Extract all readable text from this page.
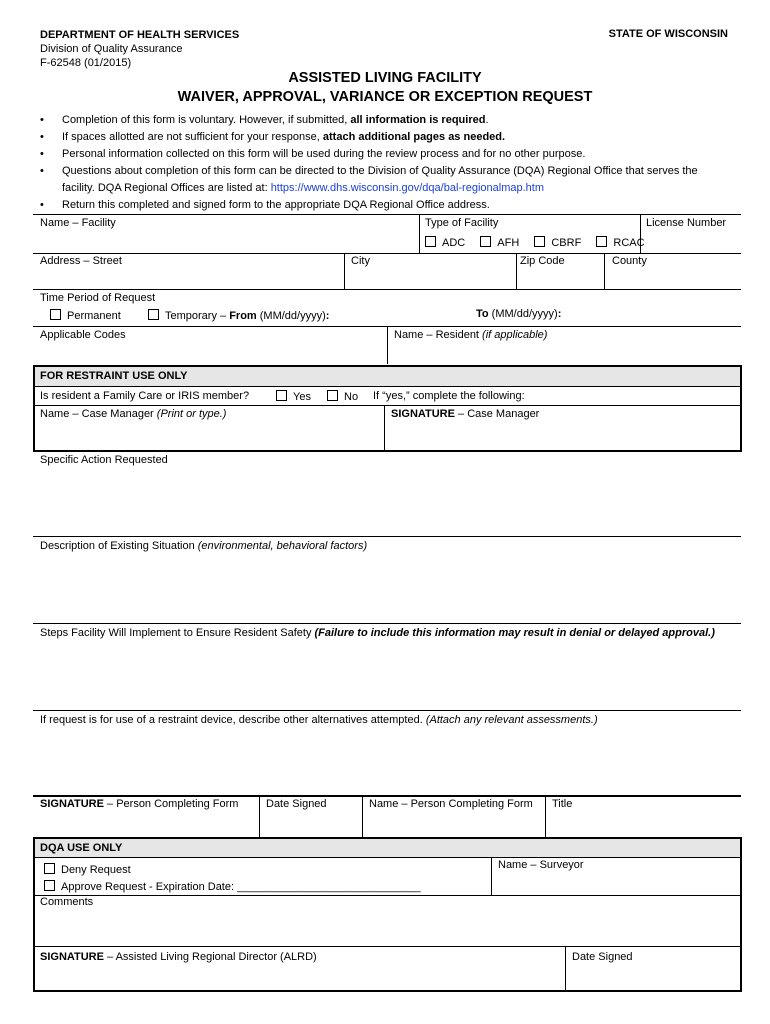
DEPARTMENT OF HEALTH SERVICES
Division of Quality Assurance
F-62548 (01/2015)
STATE OF WISCONSIN
ASSISTED LIVING FACILITY
WAIVER, APPROVAL, VARIANCE OR EXCEPTION REQUEST
• Completion of this form is voluntary. However, if submitted, all information is required.
• If spaces allotted are not sufficient for your response, attach additional pages as needed.
• Personal information collected on this form will be used during the review process and for no other purpose.
• Questions about completion of this form can be directed to the Division of Quality Assurance (DQA) Regional Office that serves the facility. DQA Regional Offices are listed at: https://www.dhs.wisconsin.gov/dqa/bal-regionalmap.htm
• Return this completed and signed form to the appropriate DQA Regional Office address.
Name – Facility	Type of Facility	License Number
ADC	AFH	CBRF	RCAC
Address – Street	City	Zip Code	County
Time Period of Request
Permanent	Temporary – From (MM/dd/yyyy):	To (MM/dd/yyyy):
Applicable Codes	Name – Resident (if applicable)
FOR RESTRAINT USE ONLY
Is resident a Family Care or IRIS member?	Yes	No If “yes,” complete the following:
Name – Case Manager (Print or type.)	SIGNATURE – Case Manager
Specific Action Requested
Description of Existing Situation (environmental, behavioral factors)
Steps Facility Will Implement to Ensure Resident Safety (Failure to include this information may result in denial or delayed approval.)
If request is for use of a restraint device, describe other alternatives attempted. (Attach any relevant assessments.)
SIGNATURE – Person Completing Form	Date Signed	Name – Person Completing Form Title
DQA USE ONLY
Deny Request
Approve Request - Expiration Date: ______________________________
Name – Surveyor
Comments
SIGNATURE – Assisted Living Regional Director (ALRD)	Date Signed
